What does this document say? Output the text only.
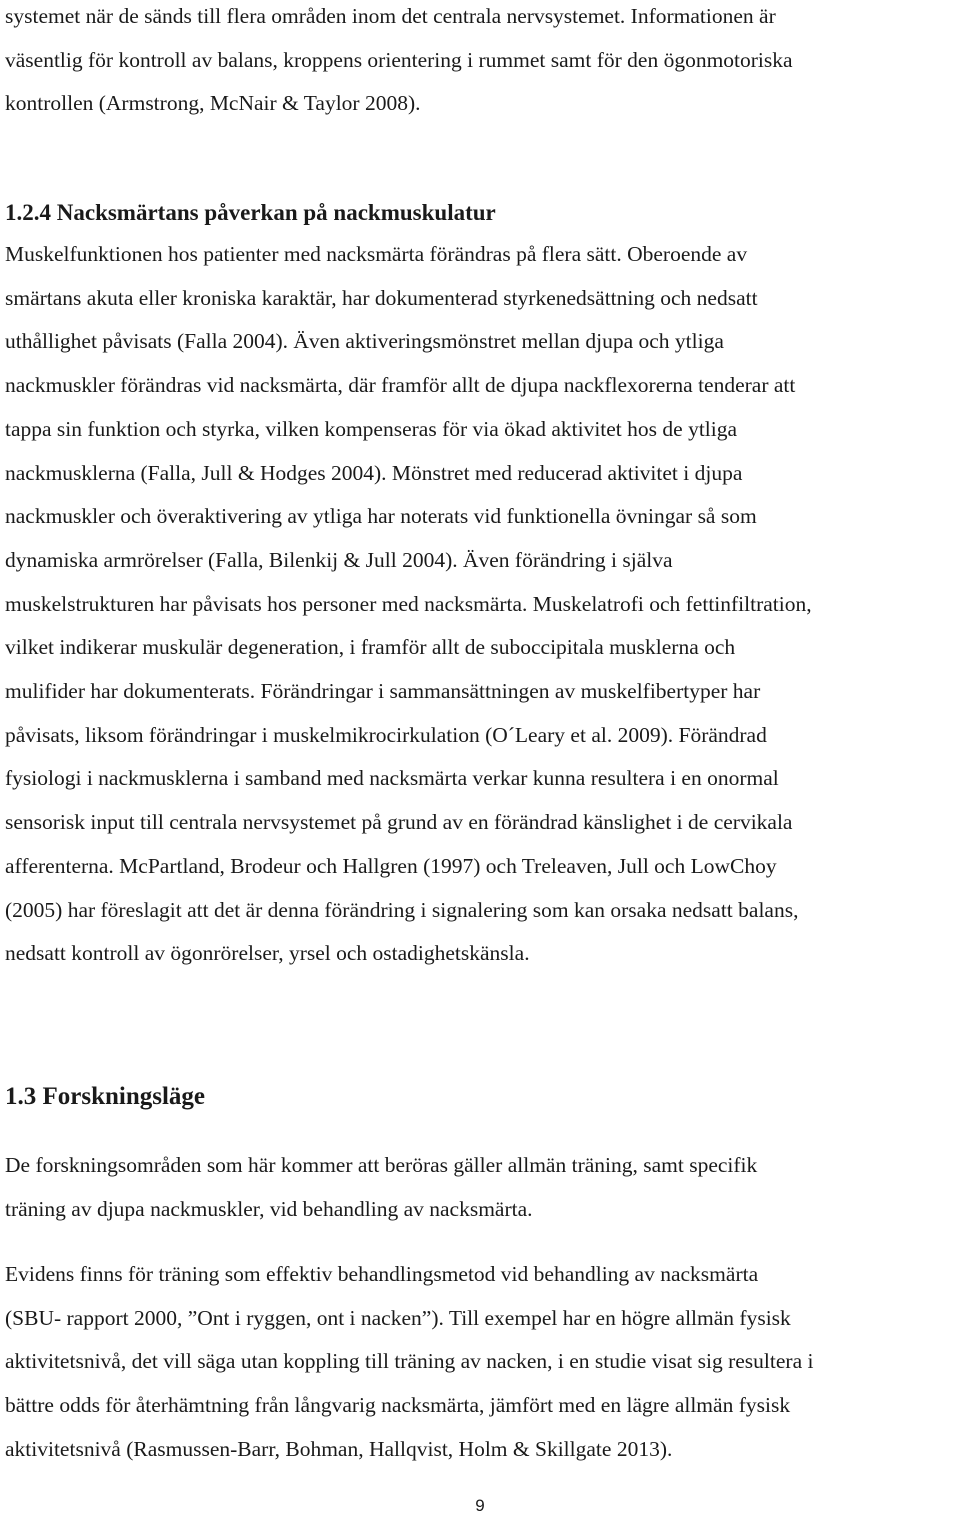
systemet när de sänds till flera områden inom det centrala nervsystemet. Informationen är
väsentlig för kontroll av balans, kroppens orientering i rummet samt för den ögonmotoriska
kontrollen (Armstrong, McNair & Taylor 2008).

1.2.4 Nacksmärtans påverkan på nackmuskulatur

Muskelfunktionen hos patienter med nacksmärta förändras på flera sätt. Oberoende av
smärtans akuta eller kroniska karaktär, har dokumenterad styrkenedsättning och nedsatt
uthållighet påvisats (Falla 2004). Även aktiveringsmönstret mellan djupa och ytliga
nackmuskler förändras vid nacksmärta, där framför allt de djupa nackflexorerna tenderar att
tappa sin funktion och styrka, vilken kompenseras för via ökad aktivitet hos de ytliga
nackmusklerna (Falla, Jull & Hodges 2004). Mönstret med reducerad aktivitet i djupa
nackmuskler och överaktivering av ytliga har noterats vid funktionella övningar så som
dynamiska armrörelser (Falla, Bilenkij & Jull 2004). Även förändring i själva
muskelstrukturen har påvisats hos personer med nacksmärta. Muskelatrofi och fettinfiltration,
vilket indikerar muskulär degeneration, i framför allt de suboccipitala musklerna och
mulifider har dokumenterats. Förändringar i sammansättningen av muskelfibertyper har
påvisats, liksom förändringar i muskelmikrocirkulation (O´Leary et al. 2009). Förändrad
fysiologi i nackmusklerna i samband med nacksmärta verkar kunna resultera i en onormal
sensorisk input till centrala nervsystemet på grund av en förändrad känslighet i de cervikala
afferenterna. McPartland, Brodeur och Hallgren (1997) och Treleaven, Jull och LowChoy
(2005) har föreslagit att det är denna förändring i signalering som kan orsaka nedsatt balans,
nedsatt kontroll av ögonrörelser, yrsel och ostadighetskänsla.

1.3 Forskningsläge

De forskningsområden som här kommer att beröras gäller allmän träning, samt specifik
träning av djupa nackmuskler, vid behandling av nacksmärta.

Evidens finns för träning som effektiv behandlingsmetod vid behandling av nacksmärta
(SBU- rapport 2000, ”Ont i ryggen, ont i nacken”). Till exempel har en högre allmän fysisk
aktivitetsnivå, det vill säga utan koppling till träning av nacken, i en studie visat sig resultera i
bättre odds för återhämtning från långvarig nacksmärta, jämfört med en lägre allmän fysisk
aktivitetsnivå (Rasmussen-Barr, Bohman, Hallqvist, Holm & Skillgate 2013).

9
